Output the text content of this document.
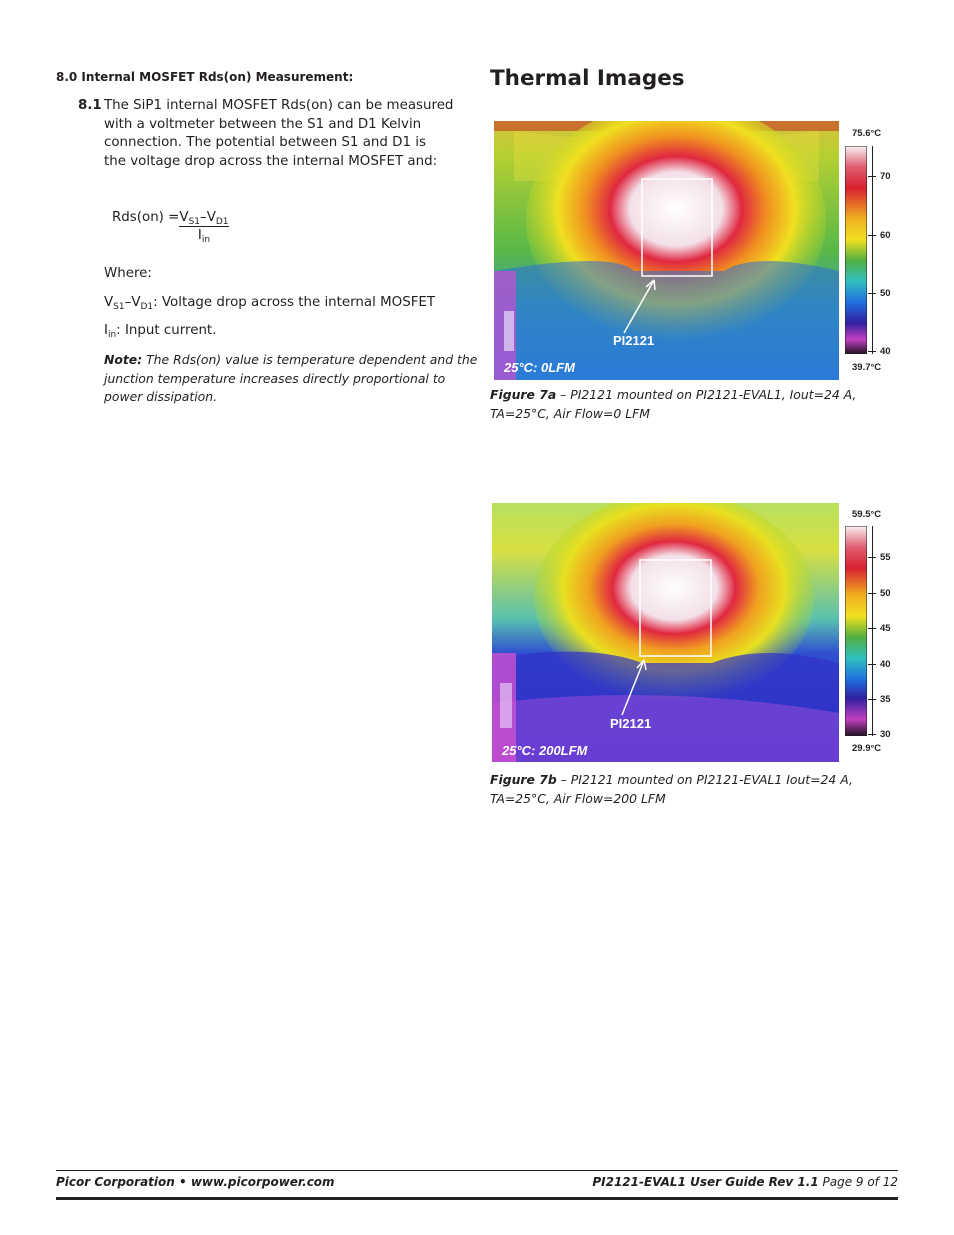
8.0 Internal MOSFET Rds(on) Measurement:
8.1 The SiP1 internal MOSFET Rds(on) can be measured
with a voltmeter between the S1 and D1 Kelvin
connection. The potential between S1 and D1 is
the voltage drop across the internal MOSFET and:
$Rds(on) = \frac{V_{S1}-V_{D1}}{I_{in}}$
Where:
$V_{S1}-V_{D1}$: Voltage drop across the internal MOSFET
$I_{in}$: Input current.
Note: The Rds(on) value is temperature dependent and the
junction temperature increases directly proportional to
power dissipation.
Thermal Images
PI2121
25°C: 0LFM
75.6°C
39.7°C
70
60
50
40
Figure 7a – PI2121 mounted on PI2121-EVAL1, Iout=24 A,
TA=25°C, Air Flow=0 LFM
PI2121
25°C: 200LFM
59.5°C
29.9°C
55
50
45
40
35
30
Figure 7b – PI2121 mounted on PI2121-EVAL1 Iout=24 A,
TA=25°C, Air Flow=200 LFM
Picor Corporation • www.picorpower.com	PI2121-EVAL1 User Guide Rev 1.1 Page 9 of 12
